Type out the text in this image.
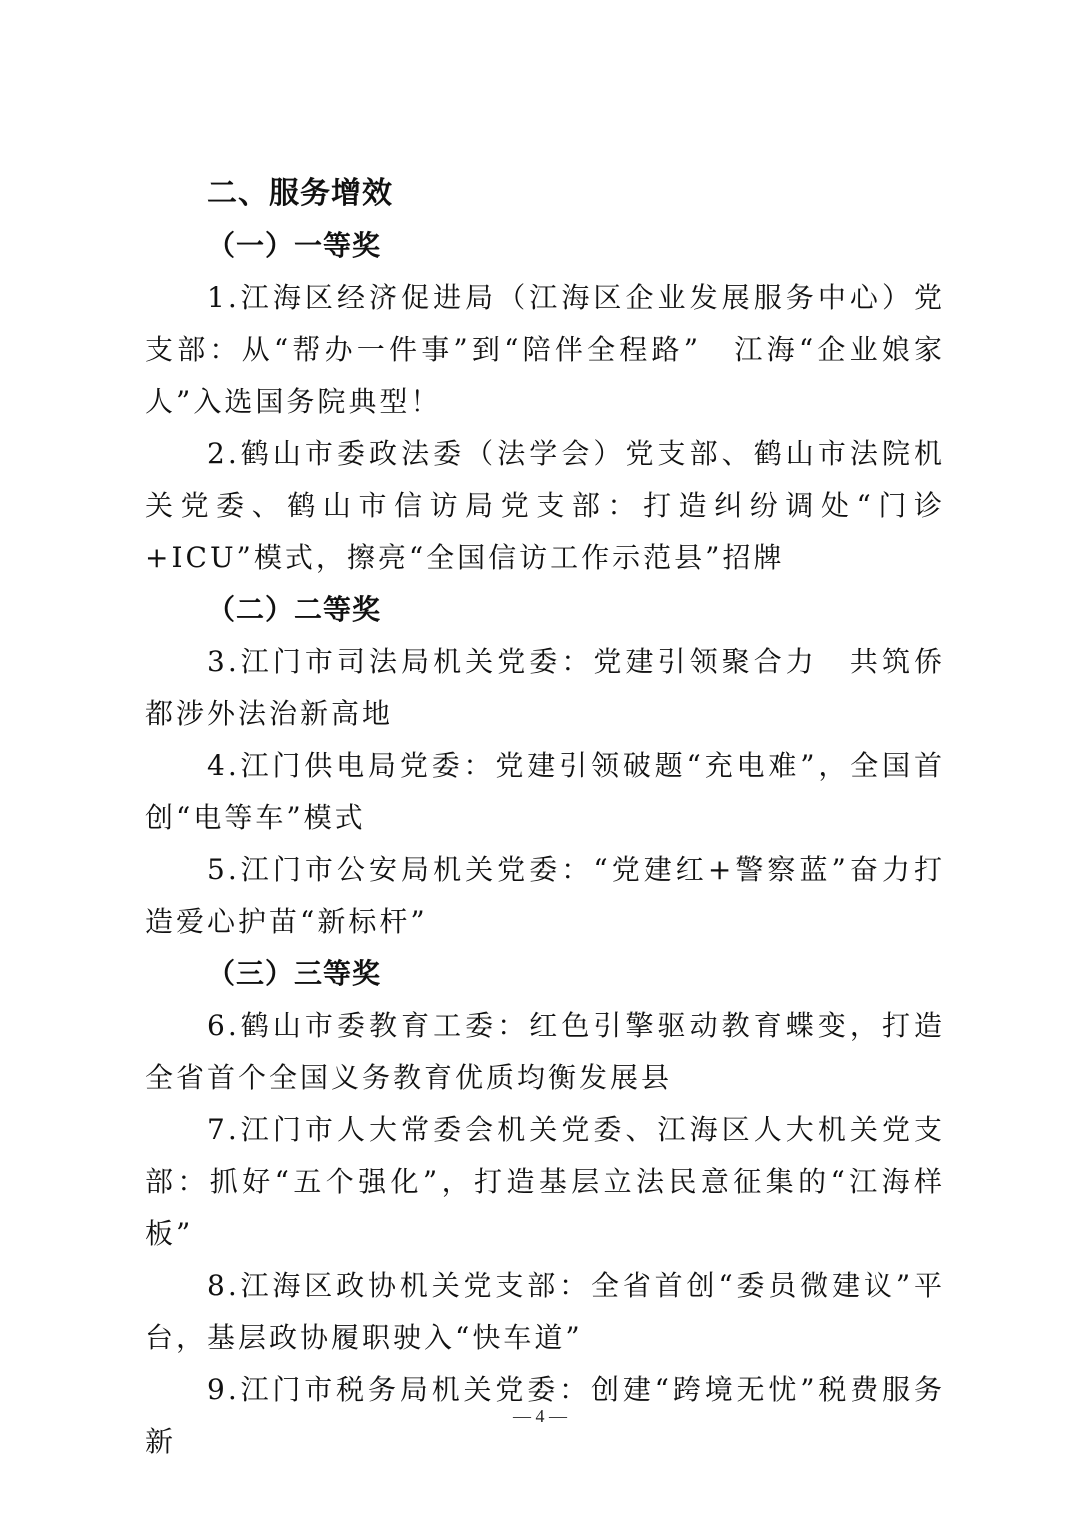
二、服务增效

（一）一等奖

1.江海区经济促进局（江海区企业发展服务中心）党支部：从“帮办一件事”到“陪伴全程路”　江海“企业娘家人”入选国务院典型！

2.鹤山市委政法委（法学会）党支部、鹤山市法院机关党委、鹤山市信访局党支部：打造纠纷调处“门诊+ICU”模式，擦亮“全国信访工作示范县”招牌

（二）二等奖

3.江门市司法局机关党委：党建引领聚合力　共筑侨都涉外法治新高地

4.江门供电局党委：党建引领破题“充电难”，全国首创“电等车”模式

5.江门市公安局机关党委：“党建红+警察蓝”奋力打造爱心护苗“新标杆”

（三）三等奖

6.鹤山市委教育工委：红色引擎驱动教育蝶变，打造全省首个全国义务教育优质均衡发展县

7.江门市人大常委会机关党委、江海区人大机关党支部：抓好“五个强化”，打造基层立法民意征集的“江海样板”

8.江海区政协机关党支部：全省首创“委员微建议”平台，基层政协履职驶入“快车道”

9.江门市税务局机关党委：创建“跨境无忧”税费服务新

— 4 —
